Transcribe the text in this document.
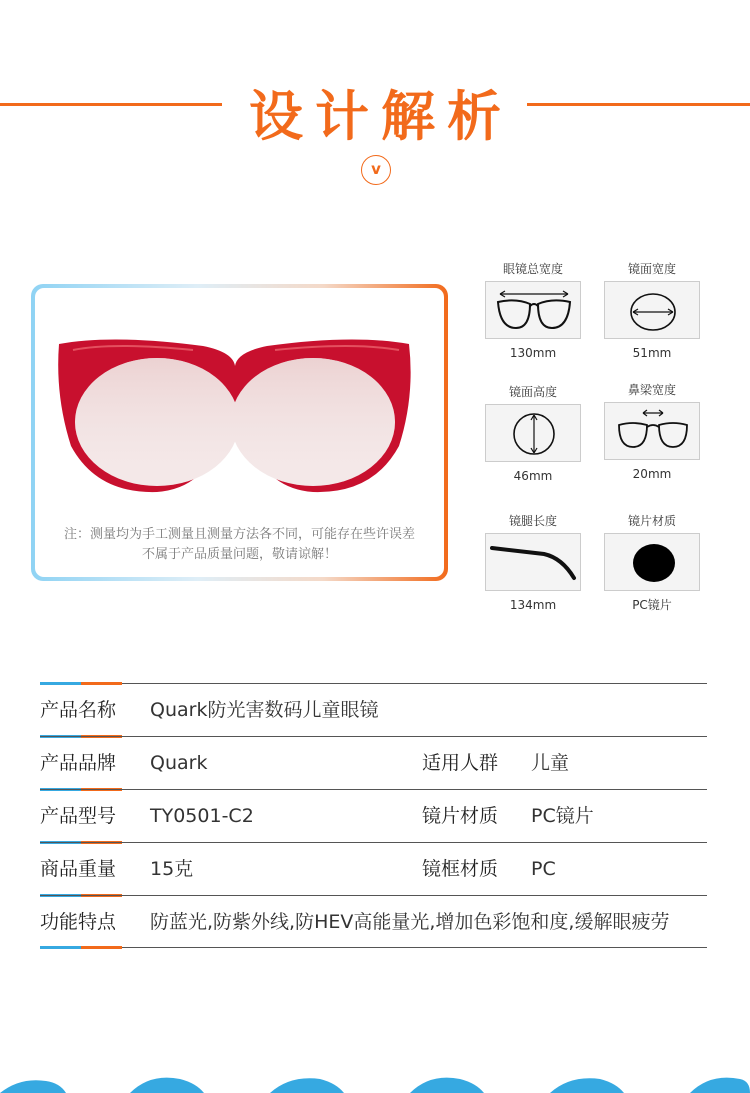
设计解析
v
注：测量均为手工测量且测量方法各不同，可能存在些许误差
不属于产品质量问题，敬请谅解！
眼镜总宽度
130mm
镜面宽度
51mm
镜面高度
46mm
鼻梁宽度
20mm
镜腿长度
134mm
镜片材质
PC镜片
产品名称 Quark防光害数码儿童眼镜
产品品牌 Quark	适用人群 儿童
产品型号 TY0501-C2	镜片材质 PC镜片
商品重量 15克	镜框材质 PC
功能特点 防蓝光,防紫外线,防HEV高能量光,增加色彩饱和度,缓解眼疲劳
